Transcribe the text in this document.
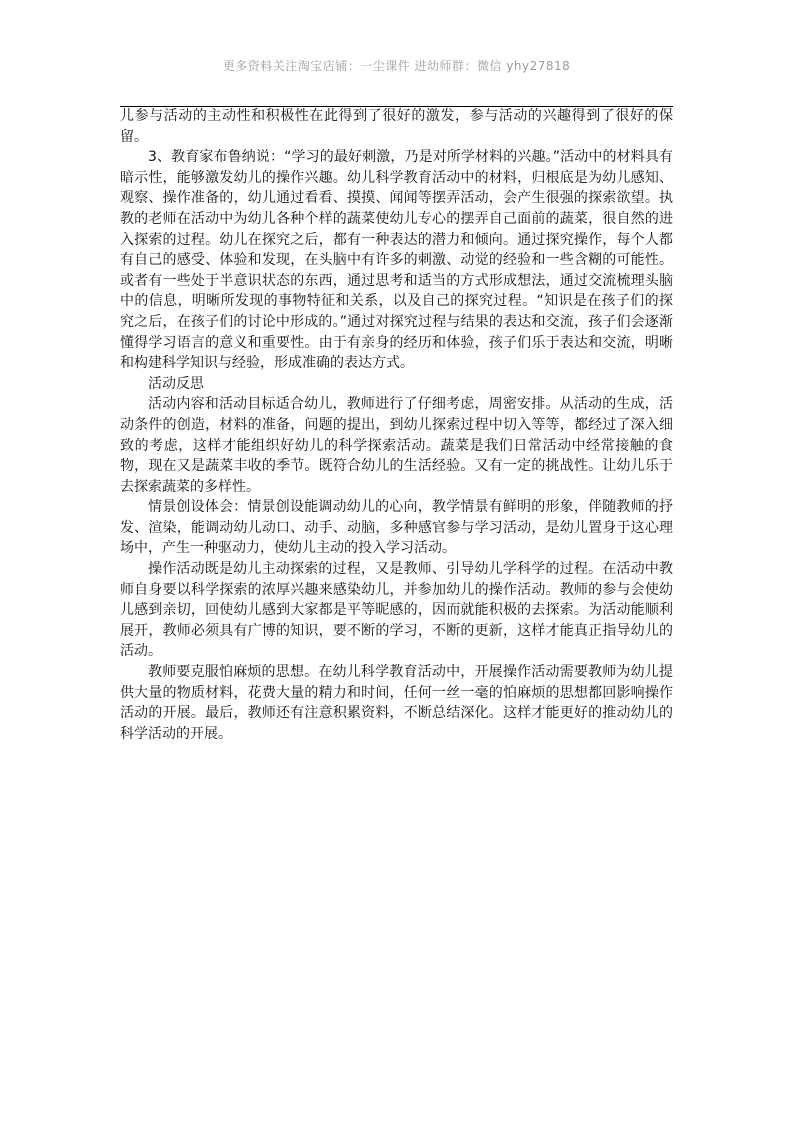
更多资料关注淘宝店铺：一尘课件 进幼师群：微信 yhy27818

儿参与活动的主动性和积极性在此得到了很好的激发，参与活动的兴趣得到了很好的保留。

3、教育家布鲁纳说：“学习的最好刺激，乃是对所学材料的兴趣。”活动中的材料具有暗示性，能够激发幼儿的操作兴趣。幼儿科学教育活动中的材料，归根底是为幼儿感知、观察、操作准备的，幼儿通过看看、摸摸、闻闻等摆弄活动，会产生很强的探索欲望。执教的老师在活动中为幼儿各种个样的蔬菜使幼儿专心的摆弄自己面前的蔬菜，很自然的进入探索的过程。幼儿在探究之后，都有一种表达的潜力和倾向。通过探究操作，每个人都有自己的感受、体验和发现，在头脑中有许多的刺激、动觉的经验和一些含糊的可能性。或者有一些处于半意识状态的东西，通过思考和适当的方式形成想法，通过交流梳理头脑中的信息，明晰所发现的事物特征和关系，以及自己的探究过程。“知识是在孩子们的探究之后，在孩子们的讨论中形成的。”通过对探究过程与结果的表达和交流，孩子们会逐渐懂得学习语言的意义和重要性。由于有亲身的经历和体验，孩子们乐于表达和交流，明晰和构建科学知识与经验，形成准确的表达方式。

活动反思

活动内容和活动目标适合幼儿，教师进行了仔细考虑，周密安排。从活动的生成，活动条件的创造，材料的准备，问题的提出，到幼儿探索过程中切入等等，都经过了深入细致的考虑，这样才能组织好幼儿的科学探索活动。蔬菜是我们日常活动中经常接触的食物，现在又是蔬菜丰收的季节。既符合幼儿的生活经验。又有一定的挑战性。让幼儿乐于去探索蔬菜的多样性。

情景创设体会：情景创设能调动幼儿的心向，教学情景有鲜明的形象，伴随教师的抒发、渲染，能调动幼儿动口、动手、动脑，多种感官参与学习活动，是幼儿置身于这心理场中，产生一种驱动力，使幼儿主动的投入学习活动。

操作活动既是幼儿主动探索的过程，又是教师、引导幼儿学科学的过程。在活动中教师自身要以科学探索的浓厚兴趣来感染幼儿，并参加幼儿的操作活动。教师的参与会使幼儿感到亲切，回使幼儿感到大家都是平等昵感的，因而就能积极的去探索。为活动能顺利展开，教师必须具有广博的知识，要不断的学习，不断的更新，这样才能真正指导幼儿的活动。

教师要克服怕麻烦的思想。在幼儿科学教育活动中，开展操作活动需要教师为幼儿提供大量的物质材料，花费大量的精力和时间，任何一丝一毫的怕麻烦的思想都回影响操作活动的开展。最后，教师还有注意积累资料，不断总结深化。这样才能更好的推动幼儿的科学活动的开展。
